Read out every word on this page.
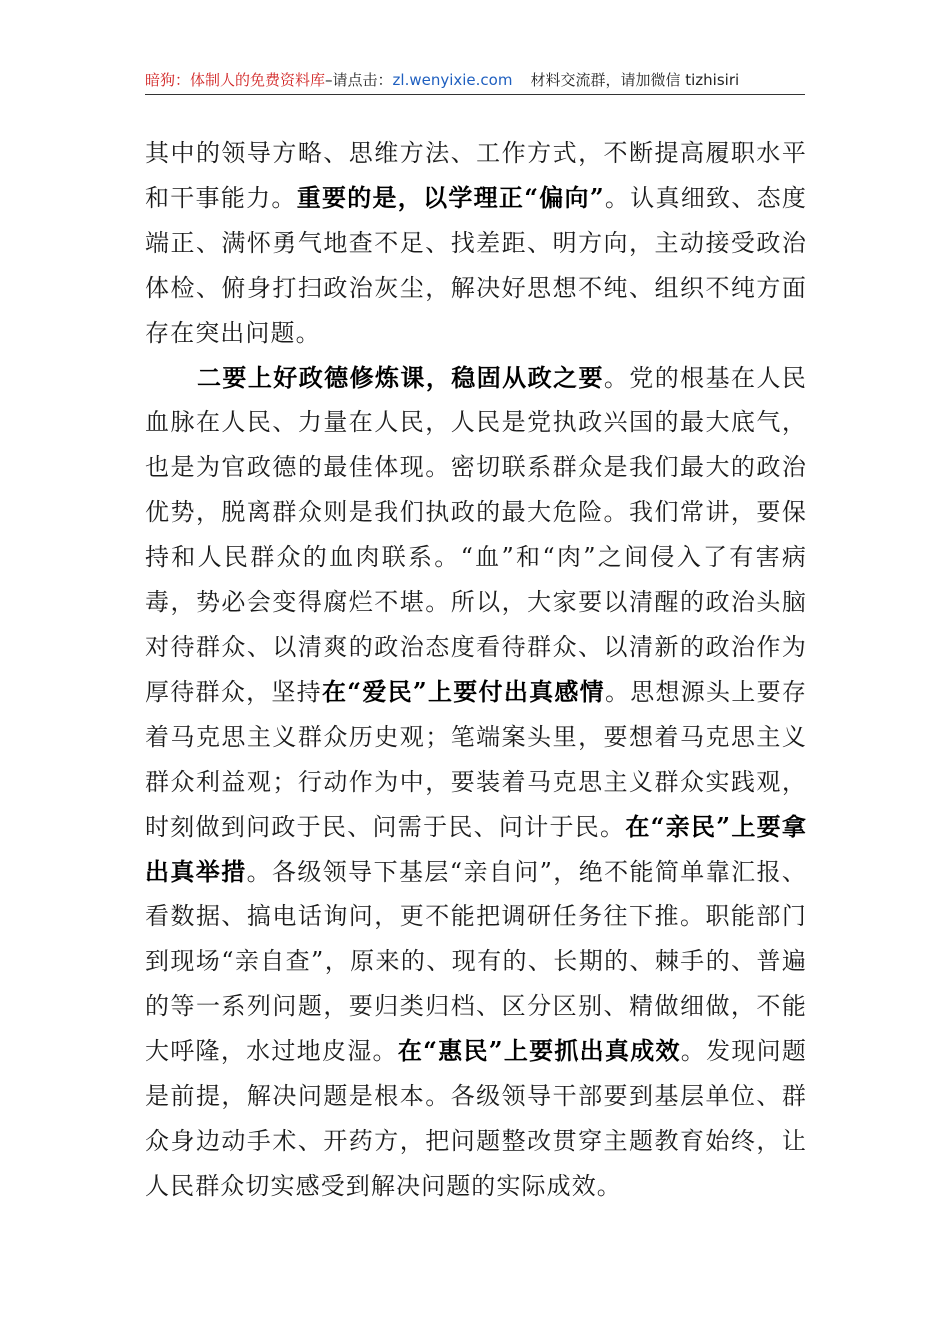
暗狗：体制人的免费资料库–请点击：zl.wenyixie.com 材料交流群，请加微信 tizhisiri

其中的领导方略、思维方法、工作方式，不断提高履职水平和干事能力。重要的是，以学理正“偏向”。认真细致、态度端正、满怀勇气地查不足、找差距、明方向，主动接受政治体检、俯身打扫政治灰尘，解决好思想不纯、组织不纯方面存在突出问题。

二要上好政德修炼课，稳固从政之要。党的根基在人民血脉在人民、力量在人民，人民是党执政兴国的最大底气，也是为官政德的最佳体现。密切联系群众是我们最大的政治优势，脱离群众则是我们执政的最大危险。我们常讲，要保持和人民群众的血肉联系。“血”和“肉”之间侵入了有害病毒，势必会变得腐烂不堪。所以，大家要以清醒的政治头脑对待群众、以清爽的政治态度看待群众、以清新的政治作为厚待群众，坚持在“爱民”上要付出真感情。思想源头上要存着马克思主义群众历史观；笔端案头里，要想着马克思主义群众利益观；行动作为中，要装着马克思主义群众实践观，时刻做到问政于民、问需于民、问计于民。在“亲民”上要拿出真举措。各级领导下基层“亲自问”，绝不能简单靠汇报、看数据、搞电话询问，更不能把调研任务往下推。职能部门到现场“亲自查”，原来的、现有的、长期的、棘手的、普遍的等一系列问题，要归类归档、区分区别、精做细做，不能大呼隆，水过地皮湿。在“惠民”上要抓出真成效。发现问题是前提，解决问题是根本。各级领导干部要到基层单位、群众身边动手术、开药方，把问题整改贯穿主题教育始终，让人民群众切实感受到解决问题的实际成效。
